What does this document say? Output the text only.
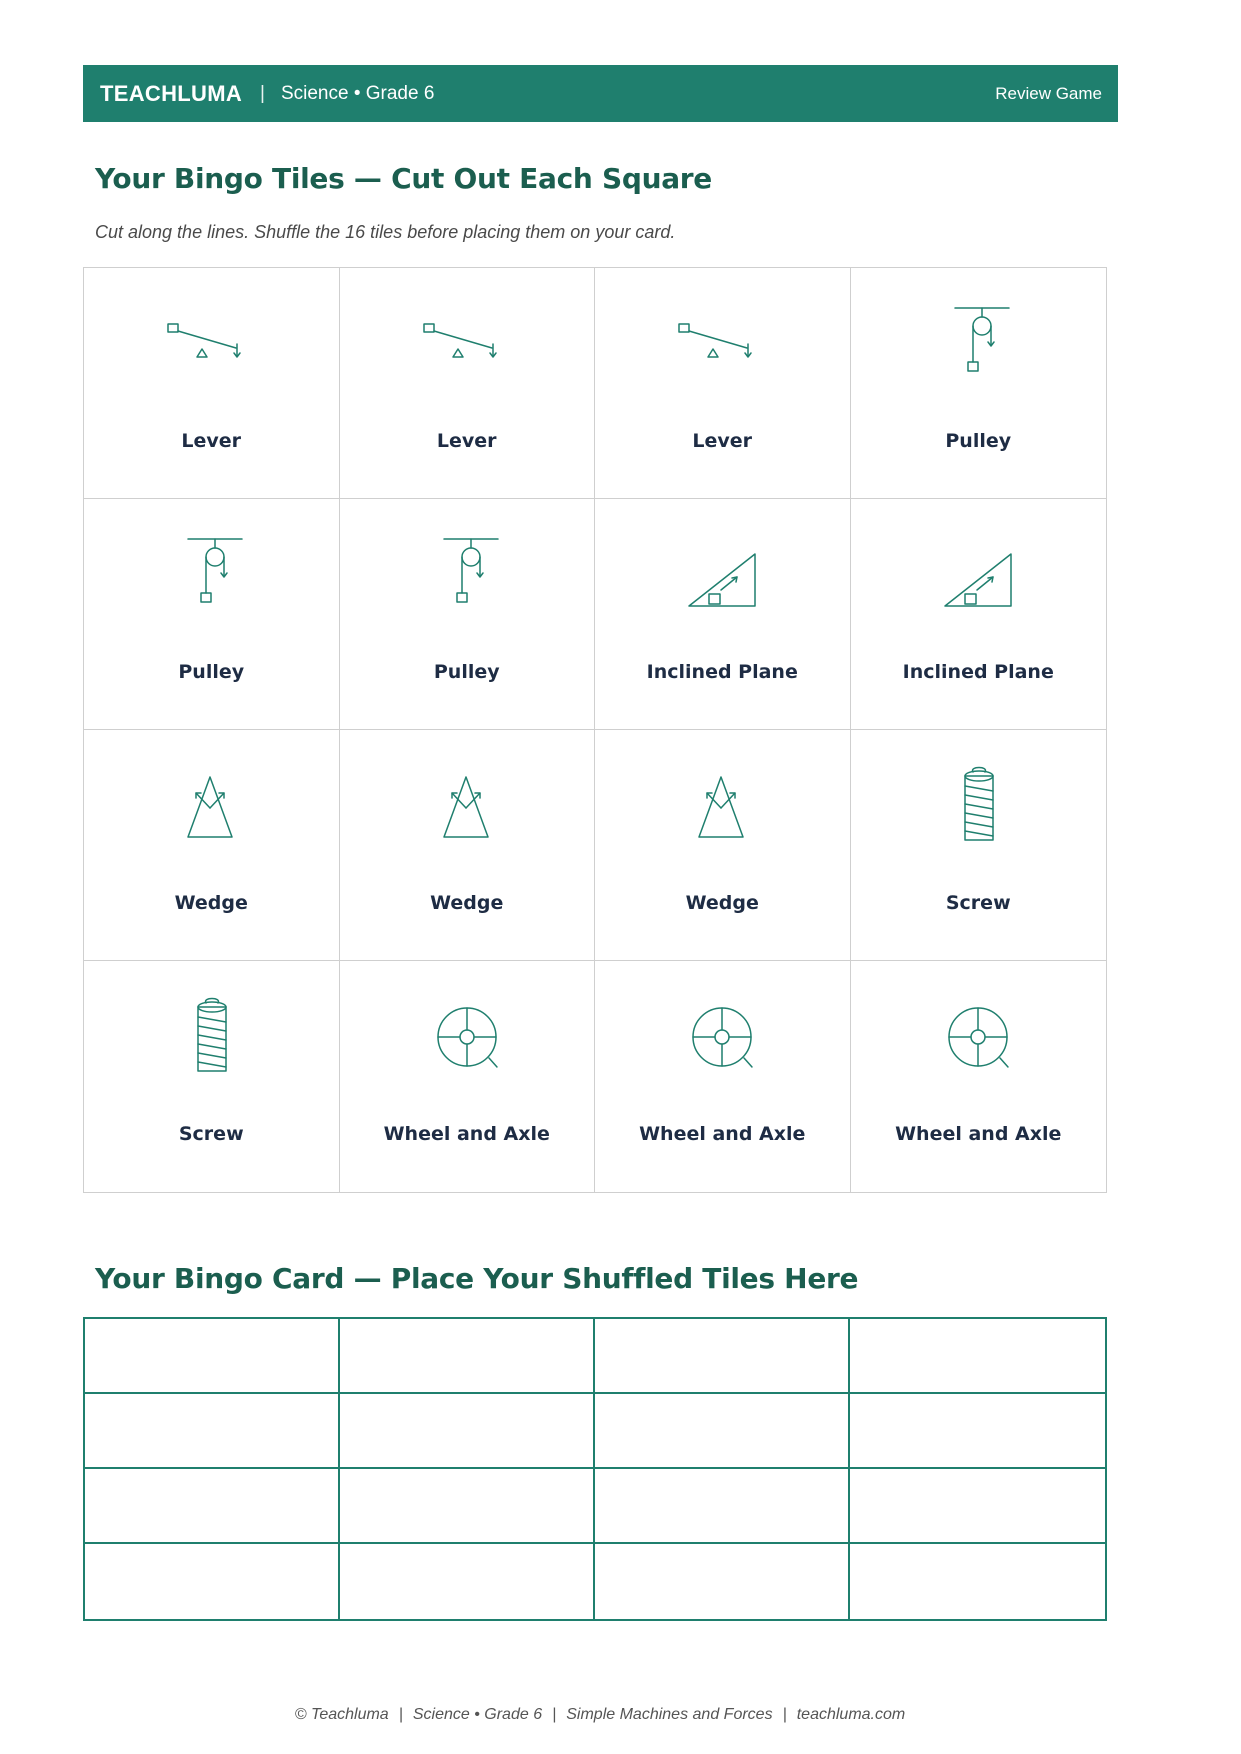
TEACHLUMA | Science • Grade 6	Review Game
Your Bingo Tiles — Cut Out Each Square

Cut along the lines. Shuffle the 16 tiles before placing them on your card.

Lever	Lever	Lever	Pulley
Pulley	Pulley	Inclined Plane	Inclined Plane
Wedge	Wedge	Wedge	Screw
Screw	Wheel and Axle	Wheel and Axle	Wheel and Axle
Your Bingo Card — Place Your Shuffled Tiles Here
© Teachluma | Science • Grade 6 | Simple Machines and Forces | teachluma.com
